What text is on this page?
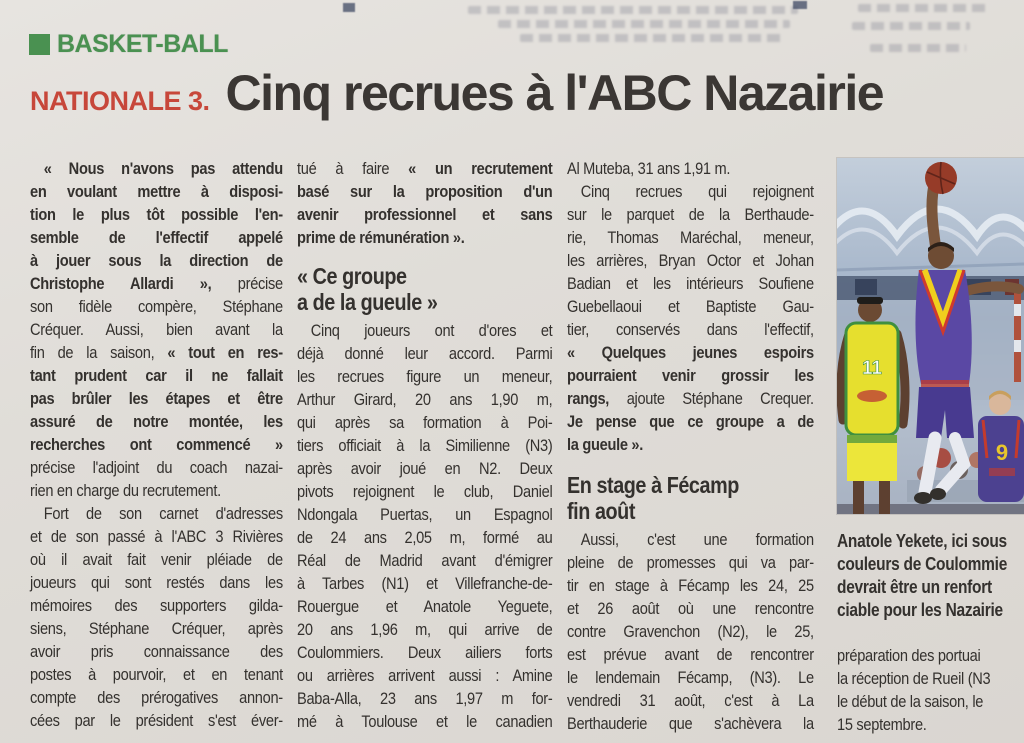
BASKET-BALL
NATIONALE 3. Cinq recrues à l'ABC Nazairie
« Nous n'avons pas attendu
en voulant mettre à disposi-
tion le plus tôt possible l'en-
semble de l'effectif appelé
à jouer sous la direction de
Christophe Allardi », précise
son fidèle compère, Stéphane
Créquer. Aussi, bien avant la
fin de la saison, « tout en res-
tant prudent car il ne fallait
pas brûler les étapes et être
assuré de notre montée, les
recherches ont commencé »
précise l'adjoint du coach nazai-
rien en charge du recrutement.
Fort de son carnet d'adresses
et de son passé à l'ABC 3 Rivières
où il avait fait venir pléiade de
joueurs qui sont restés dans les
mémoires des supporters gilda-
siens, Stéphane Créquer, après
avoir pris connaissance des
postes à pourvoir, et en tenant
compte des prérogatives annon-
cées par le président s'est éver-
tué à faire « un recrutement
basé sur la proposition d'un
avenir professionnel et sans
prime de rémunération ».
« Ce groupe
a de la gueule »
Cinq joueurs ont d'ores et
déjà donné leur accord. Parmi
les recrues figure un meneur,
Arthur Girard, 20 ans 1,90 m,
qui après sa formation à Poi-
tiers officiait à la Similienne (N3)
après avoir joué en N2. Deux
pivots rejoignent le club, Daniel
Ndongala Puertas, un Espagnol
de 24 ans 2,05 m, formé au
Réal de Madrid avant d'émigrer
à Tarbes (N1) et Villefranche-de-
Rouergue et Anatole Yeguete,
20 ans 1,96 m, qui arrive de
Coulommiers. Deux ailiers forts
ou arrières arrivent aussi : Amine
Baba-Alla, 23 ans 1,97 m for-
mé à Toulouse et le canadien
Al Muteba, 31 ans 1,91 m.
Cinq recrues qui rejoignent
sur le parquet de la Berthaude-
rie, Thomas Maréchal, meneur,
les arrières, Bryan Octor et Johan
Badian et les intérieurs Soufiene
Guebellaoui et Baptiste Gau-
tier, conservés dans l'effectif,
« Quelques jeunes espoirs
pourraient venir grossir les
rangs, ajoute Stéphane Crequer.
Je pense que ce groupe a de
la gueule ».
En stage à Fécamp
fin août
Aussi, c'est une formation
pleine de promesses qui va par-
tir en stage à Fécamp les 24, 25
et 26 août où une rencontre
contre Gravenchon (N2), le 25,
est prévue avant de rencontrer
le lendemain Fécamp, (N3). Le
vendredi 31 août, c'est à La
Berthauderie que s'achèvera la
Anatole Yekete, ici sous
couleurs de Coulommie
devrait être un renfort
ciable pour les Nazairie
préparation des portuai
la réception de Rueil (N3
le début de la saison, le
15 septembre.
11
9
